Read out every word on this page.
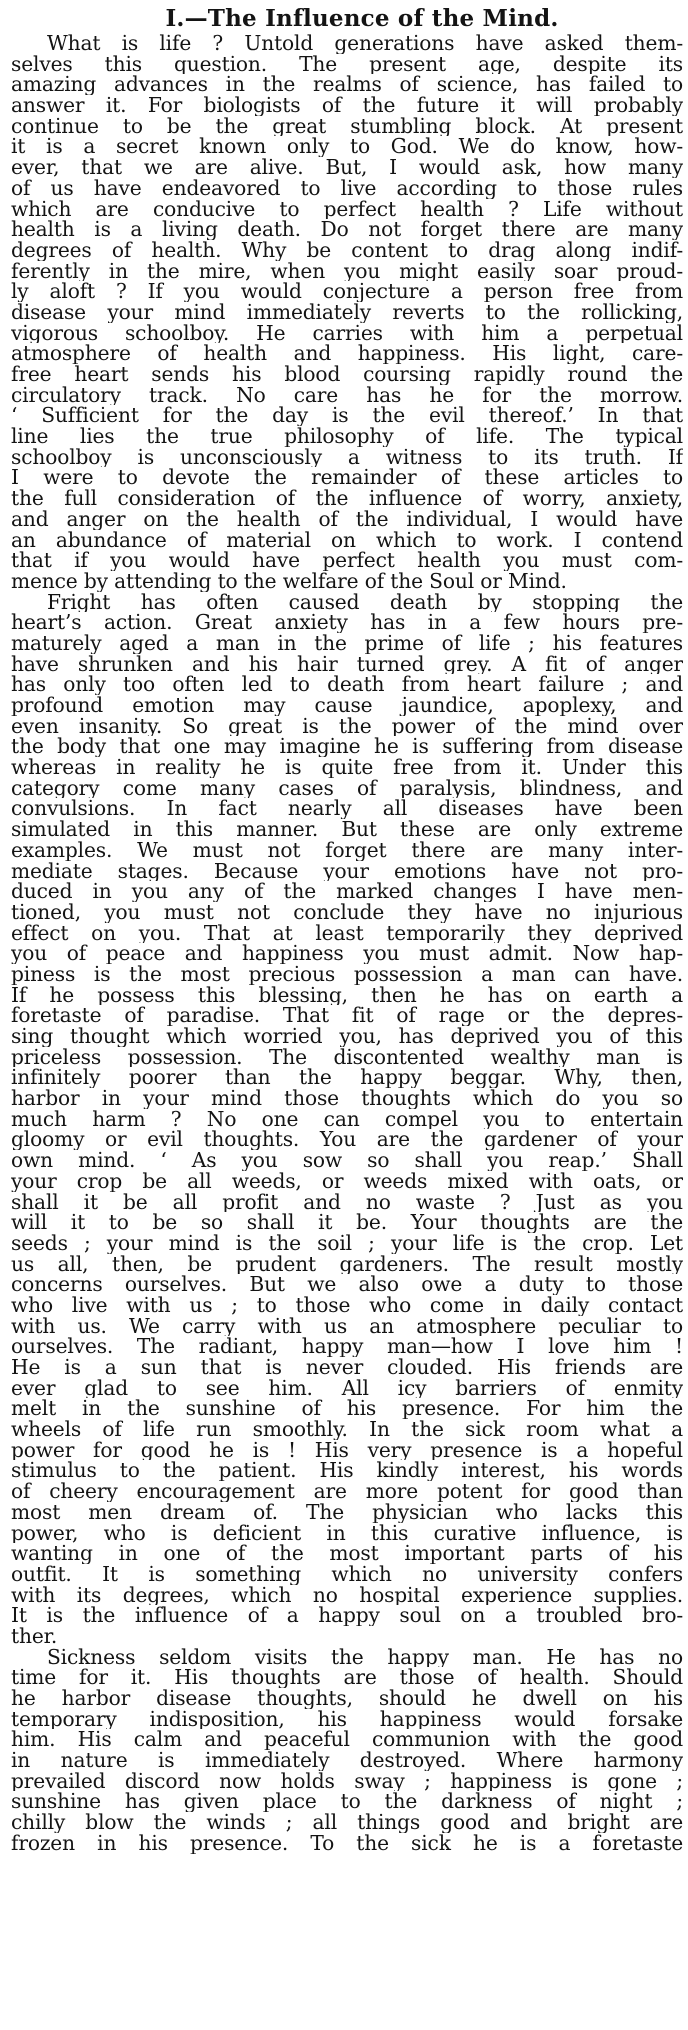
I.—The Influence of the Mind.
What is life ? Untold generations have asked them-
selves this question. The present age, despite its
amazing advances in the realms of science, has failed to
answer it. For biologists of the future it will probably
continue to be the great stumbling block. At present
it is a secret known only to God. We do know, how-
ever, that we are alive. But, I would ask, how many
of us have endeavored to live according to those rules
which are conducive to perfect health ? Life without
health is a living death. Do not forget there are many
degrees of health. Why be content to drag along indif-
ferently in the mire, when you might easily soar proud-
ly aloft ? If you would conjecture a person free from
disease your mind immediately reverts to the rollicking,
vigorous schoolboy. He carries with him a perpetual
atmosphere of health and happiness. His light, care-
free heart sends his blood coursing rapidly round the
circulatory track. No care has he for the morrow.
‘ Sufficient for the day is the evil thereof.’ In that
line lies the true philosophy of life. The typical
schoolboy is unconsciously a witness to its truth. If
I were to devote the remainder of these articles to
the full consideration of the influence of worry, anxiety,
and anger on the health of the individual, I would have
an abundance of material on which to work. I contend
that if you would have perfect health you must com-
mence by attending to the welfare of the Soul or Mind.
Fright has often caused death by stopping the
heart’s action. Great anxiety has in a few hours pre-
maturely aged a man in the prime of life ; his features
have shrunken and his hair turned grey. A fit of anger
has only too often led to death from heart failure ; and
profound emotion may cause jaundice, apoplexy, and
even insanity. So great is the power of the mind over
the body that one may imagine he is suffering from disease
whereas in reality he is quite free from it. Under this
category come many cases of paralysis, blindness, and
convulsions. In fact nearly all diseases have been
simulated in this manner. But these are only extreme
examples. We must not forget there are many inter-
mediate stages. Because your emotions have not pro-
duced in you any of the marked changes I have men-
tioned, you must not conclude they have no injurious
effect on you. That at least temporarily they deprived
you of peace and happiness you must admit. Now hap-
piness is the most precious possession a man can have.
If he possess this blessing, then he has on earth a
foretaste of paradise. That fit of rage or the depres-
sing thought which worried you, has deprived you of this
priceless possession. The discontented wealthy man is
infinitely poorer than the happy beggar. Why, then,
harbor in your mind those thoughts which do you so
much harm ? No one can compel you to entertain
gloomy or evil thoughts. You are the gardener of your
own mind. ‘ As you sow so shall you reap.’ Shall
your crop be all weeds, or weeds mixed with oats, or
shall it be all profit and no waste ? Just as you
will it to be so shall it be. Your thoughts are the
seeds ; your mind is the soil ; your life is the crop. Let
us all, then, be prudent gardeners. The result mostly
concerns ourselves. But we also owe a duty to those
who live with us ; to those who come in daily contact
with us. We carry with us an atmosphere peculiar to
ourselves. The radiant, happy man—how I love him !
He is a sun that is never clouded. His friends are
ever glad to see him. All icy barriers of enmity
melt in the sunshine of his presence. For him the
wheels of life run smoothly. In the sick room what a
power for good he is ! His very presence is a hopeful
stimulus to the patient. His kindly interest, his words
of cheery encouragement are more potent for good than
most men dream of. The physician who lacks this
power, who is deficient in this curative influence, is
wanting in one of the most important parts of his
outfit. It is something which no university confers
with its degrees, which no hospital experience supplies.
It is the influence of a happy soul on a troubled bro-
ther.
Sickness seldom visits the happy man. He has no
time for it. His thoughts are those of health. Should
he harbor disease thoughts, should he dwell on his
temporary indisposition, his happiness would forsake
him. His calm and peaceful communion with the good
in nature is immediately destroyed. Where harmony
prevailed discord now holds sway ; happiness is gone ;
sunshine has given place to the darkness of night ;
chilly blow the winds ; all things good and bright are
frozen in his presence. To the sick he is a foretaste
